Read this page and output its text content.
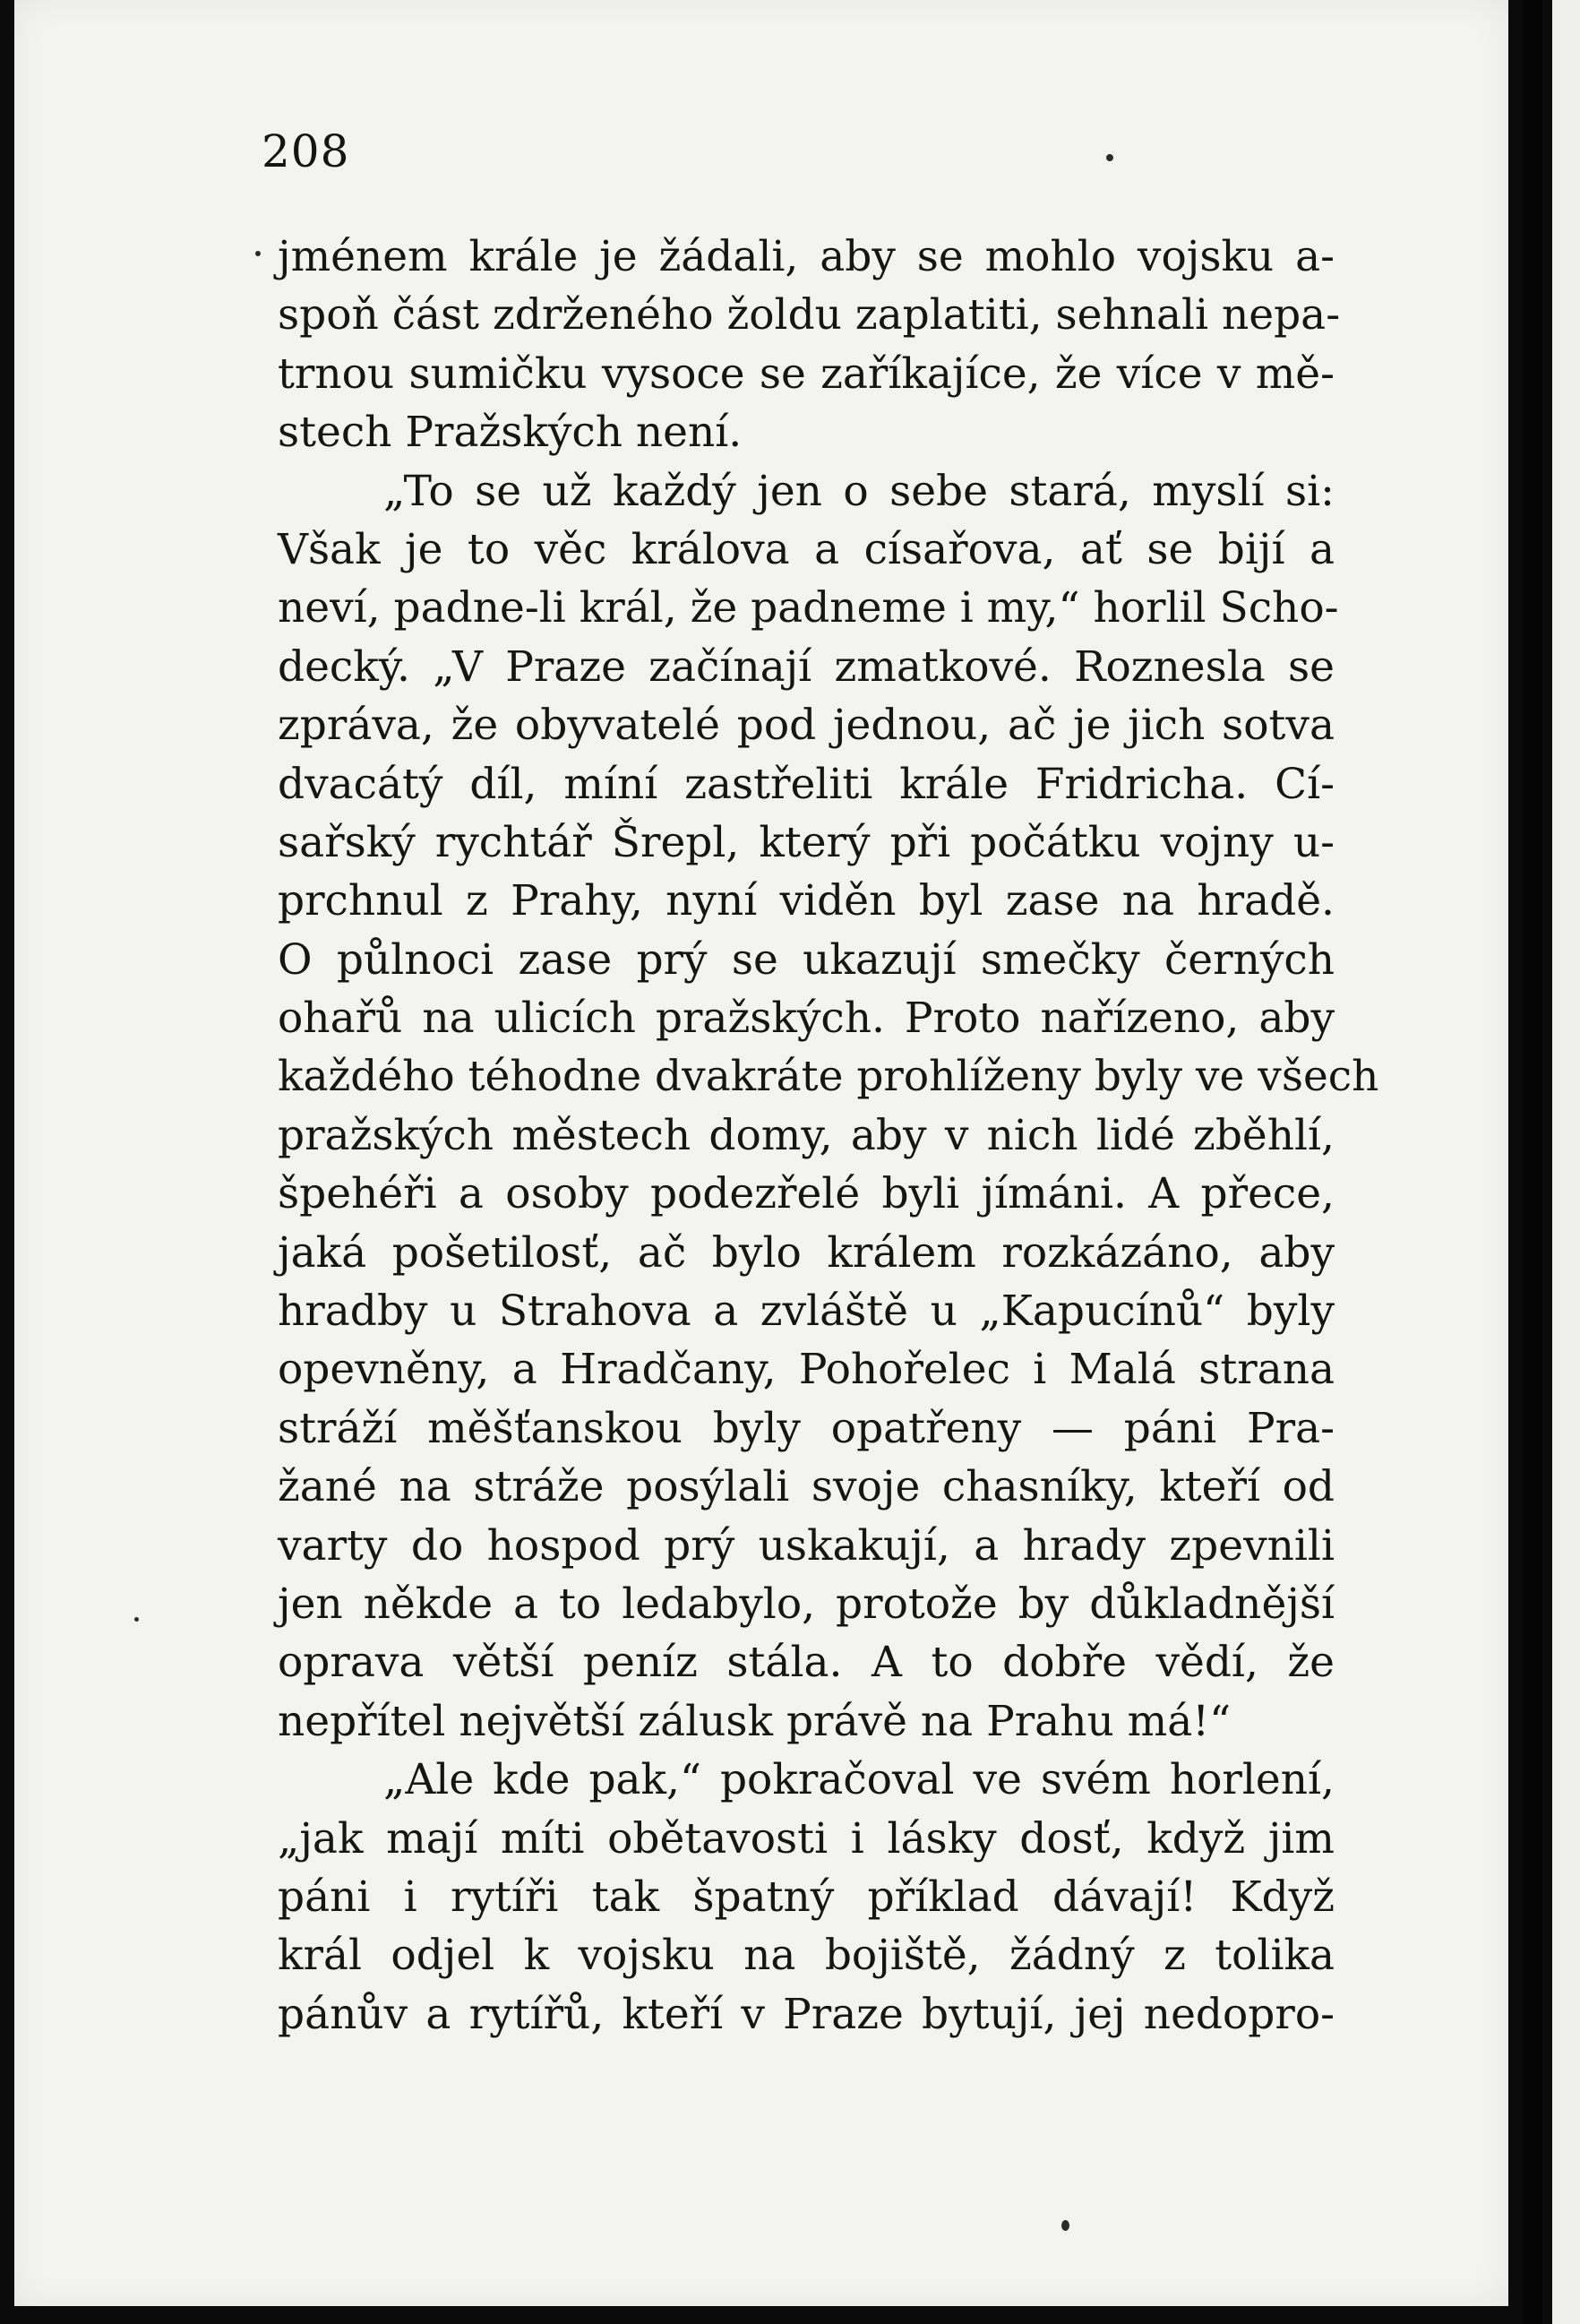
208
jménem krále je žádali, aby se mohlo vojsku a-
spoň část zdrženého žoldu zaplatiti, sehnali nepa-
trnou sumičku vysoce se zaříkajíce, že více v mě-
stech Pražských není.
„To se už každý jen o sebe stará, myslí si:
Však je to věc králova a císařova, ať se bijí a
neví, padne-li král, že padneme i my,“ horlil Scho-
decký. „V Praze začínají zmatkové. Roznesla se
zpráva, že obyvatelé pod jednou, ač je jich sotva
dvacátý díl, míní zastřeliti krále Fridricha. Cí-
sařský rychtář Šrepl, který při počátku vojny u-
prchnul z Prahy, nyní viděn byl zase na hradě.
O půlnoci zase prý se ukazují smečky černých
ohařů na ulicích pražských. Proto nařízeno, aby
každého téhodne dvakráte prohlíženy byly ve všech
pražských městech domy, aby v nich lidé zběhlí,
špehéři a osoby podezřelé byli jímáni. A přece,
jaká pošetilosť, ač bylo králem rozkázáno, aby
hradby u Strahova a zvláště u „Kapucínů“ byly
opevněny, a Hradčany, Pohořelec i Malá strana
stráží měšťanskou byly opatřeny — páni Pra-
žané na stráže posýlali svoje chasníky, kteří od
varty do hospod prý uskakují, a hrady zpevnili
jen někde a to ledabylo, protože by důkladnější
oprava větší peníz stála. A to dobře vědí, že
nepřítel největší zálusk právě na Prahu má!“
„Ale kde pak,“ pokračoval ve svém horlení,
„jak mají míti obětavosti i lásky dosť, když jim
páni i rytíři tak špatný příklad dávají! Když
král odjel k vojsku na bojiště, žádný z tolika
pánův a rytířů, kteří v Praze bytují, jej nedopro-
